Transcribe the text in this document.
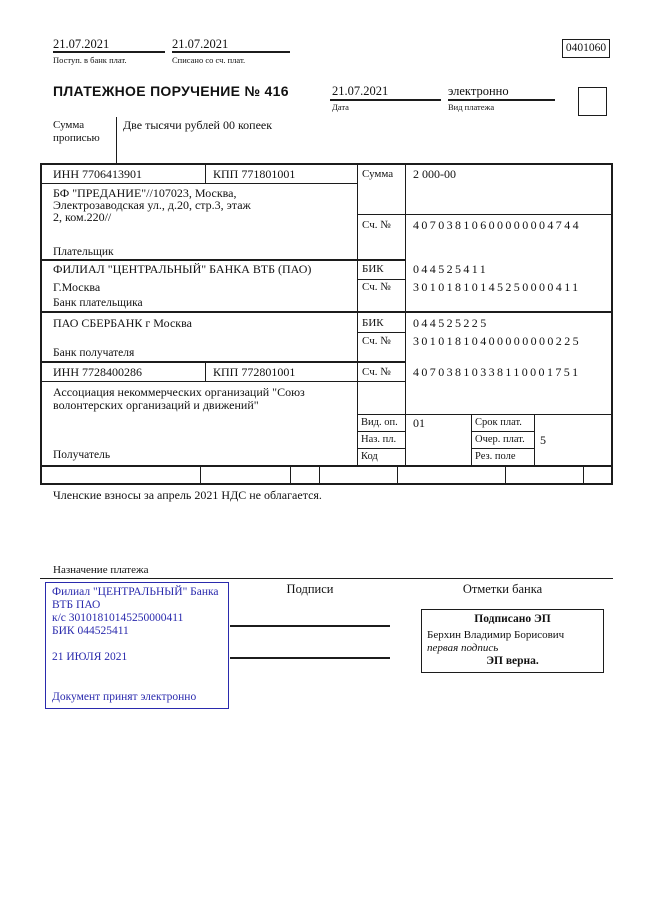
21.07.2021
Поступ. в банк плат.
21.07.2021
Списано со сч. плат.
0401060
ПЛАТЕЖНОЕ ПОРУЧЕНИЕ № 416	21.07.2021
Дата
электронно
Вид платежа
Сумма
прописью
Две тысячи рублей 00 копеек
ИНН 7706413901	КПП 771801001	Сумма 2 000-00
БФ "ПРЕДАНИЕ"//107023, Москва,
Электрозаводская ул., д.20, стр.3, этаж
2, ком.220//
Сч. № 40703810600000004744
Плательщик
ФИЛИАЛ "ЦЕНТРАЛЬНЫЙ" БАНКА ВТБ (ПАО)
Г.Москва
БИК 044525411
Сч. № 30101810145250000411
Банк плательщика
ПАО СБЕРБАНК г Москва	БИК 044525225
Сч. № 30101810400000000225
Банк получателя
ИНН 7728400286	КПП 772801001	Сч. № 40703810338110001751
Ассоциация некоммерческих организаций "Союз
волонтерских организаций и движений"
Получатель
Вид. оп. 01	Срок плат.
Наз. пл.	Очер. плат. 5
Код	Рез. поле
Членские взносы за апрель 2021 НДС не облагается.
Назначение платежа
Филиал "ЦЕНТРАЛЬНЫЙ" Банка
ВТБ ПАО
к/с 30101810145250000411
БИК 044525411
21 ИЮЛЯ 2021
Документ принят электронно
Подписи	Отметки банка
Подписано ЭП
Берхин Владимир Борисович
первая подпись
ЭП верна.
